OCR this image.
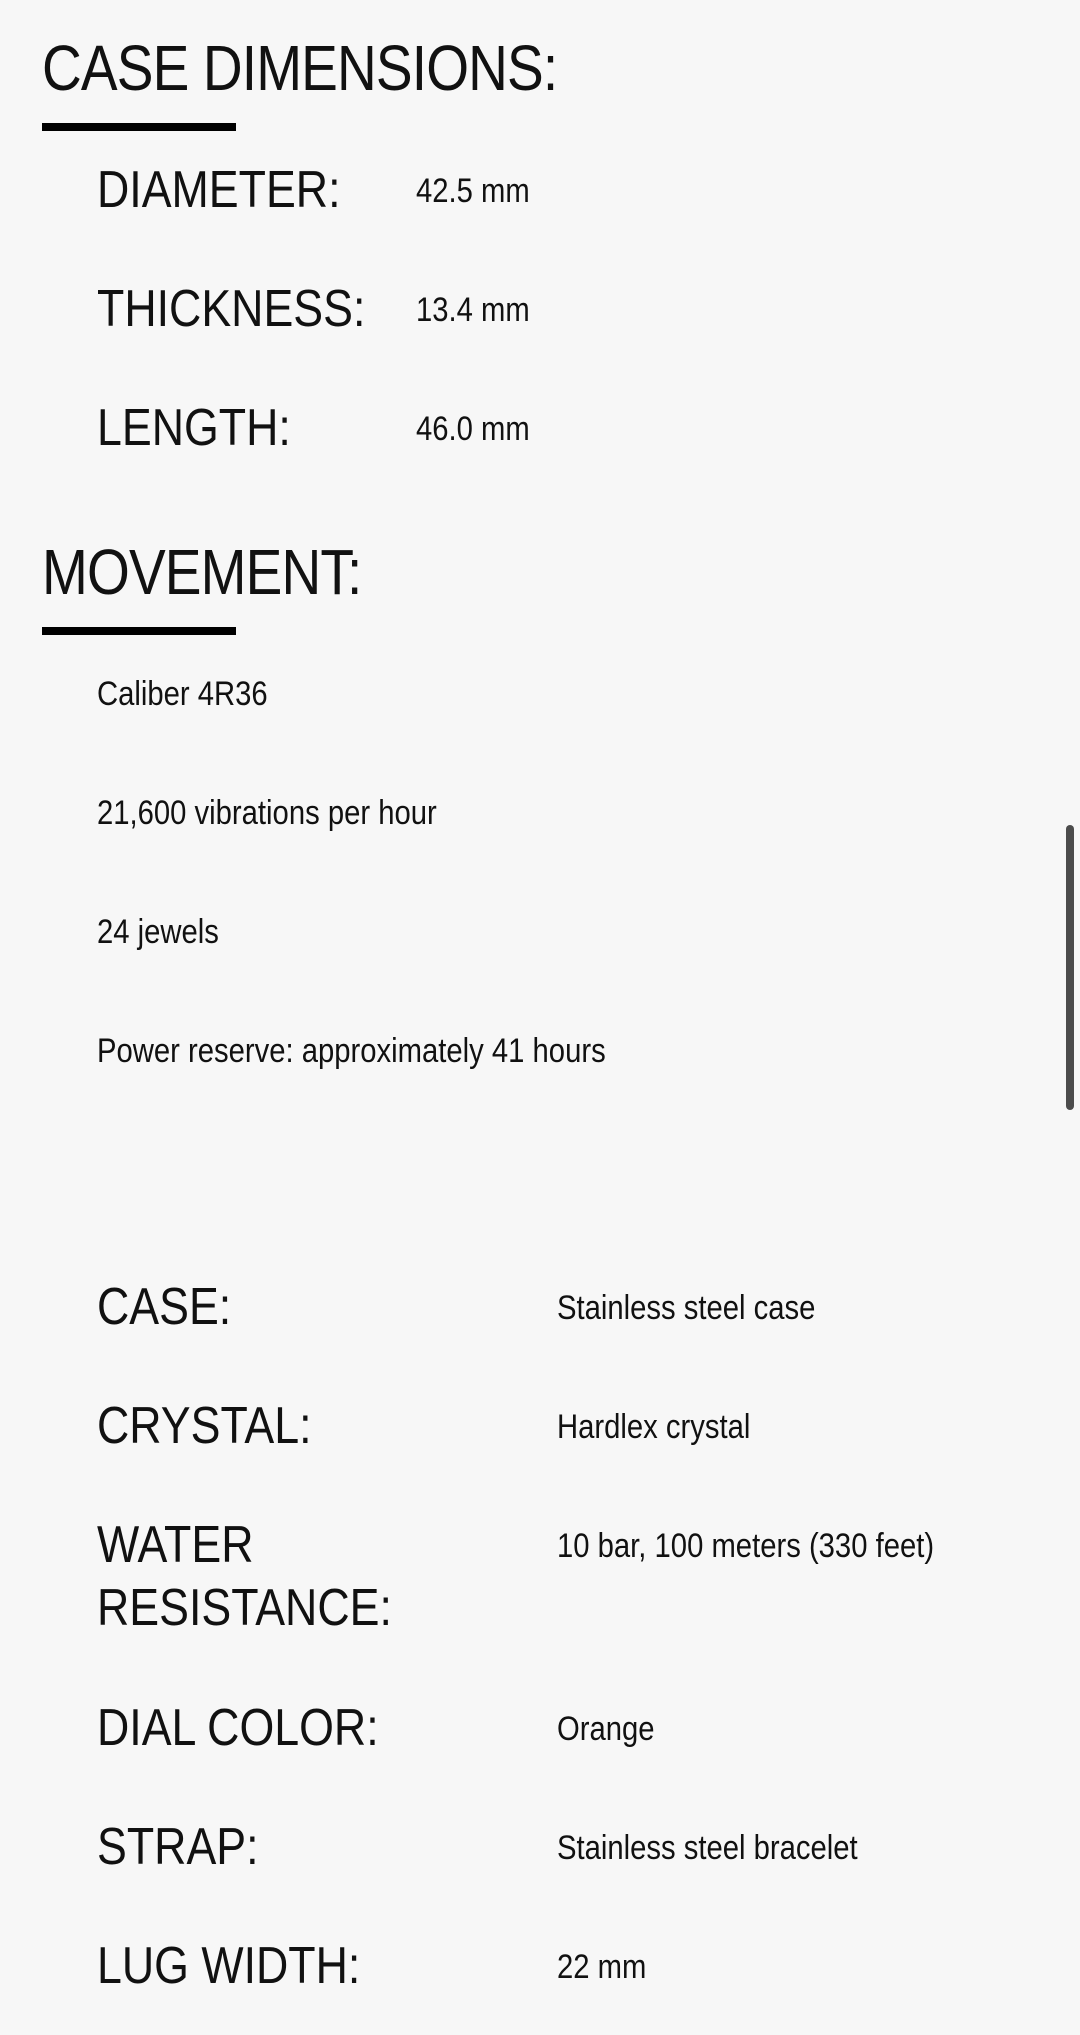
CASE DIMENSIONS:
DIAMETER: 42.5 mm
THICKNESS: 13.4 mm
LENGTH:	46.0 mm
MOVEMENT:
Caliber 4R36
21,600 vibrations per hour
24 jewels
Power reserve: approximately 41 hours
CASE:	Stainless steel case
CRYSTAL:	Hardlex crystal
WATER
RESISTANCE:
10 bar, 100 meters (330 feet)
DIAL COLOR:	Orange
STRAP:	Stainless steel bracelet
LUG WIDTH:	22 mm
